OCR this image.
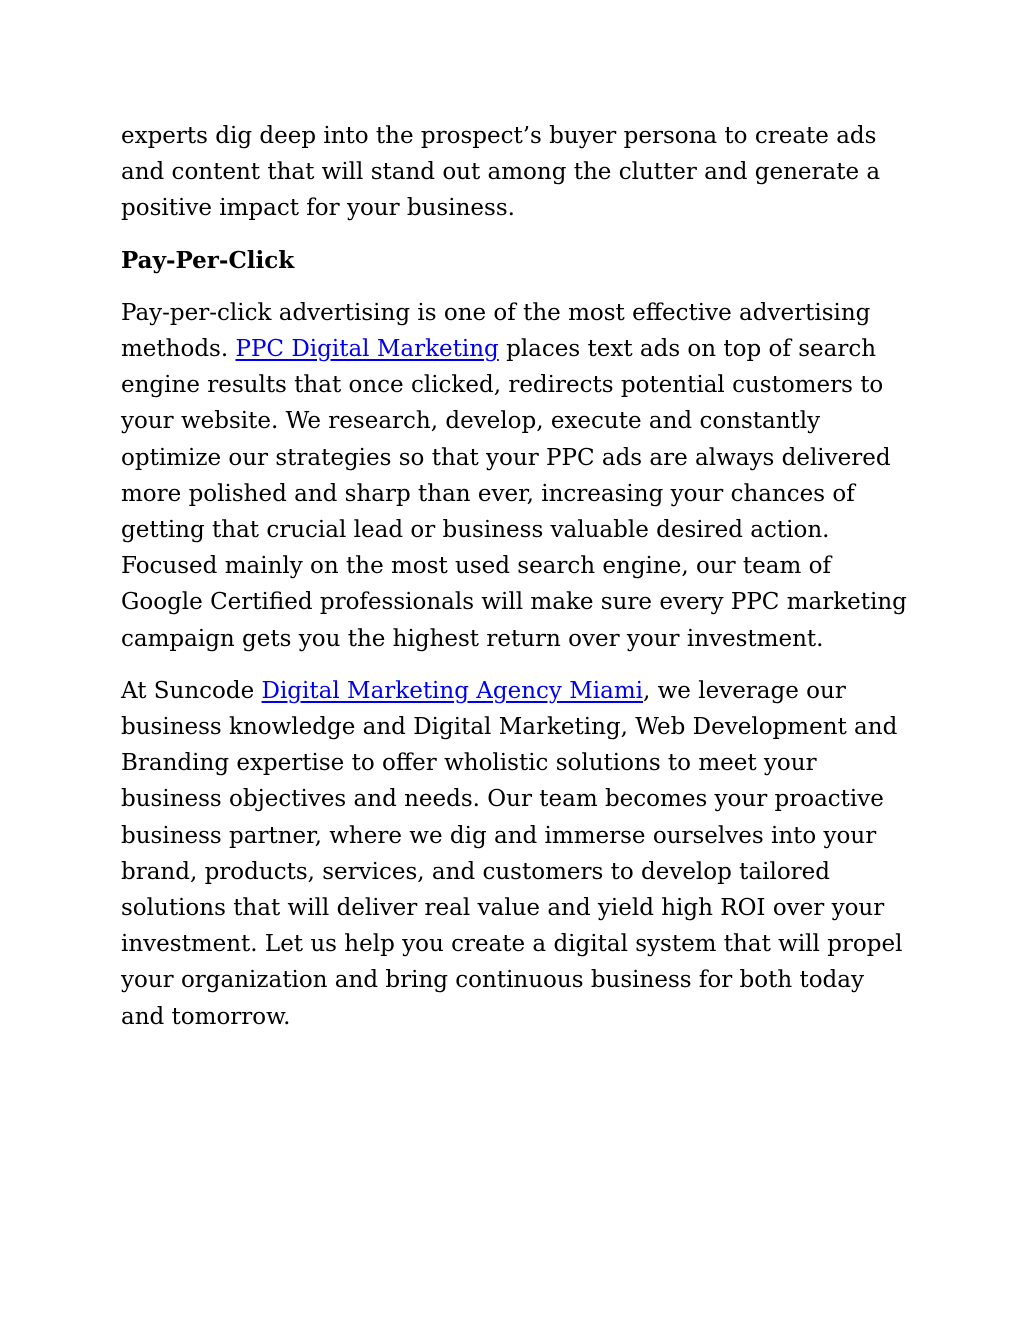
experts dig deep into the prospect’s buyer persona to create ads and content that will stand out among the clutter and generate a positive impact for your business.

Pay-Per-Click

Pay-per-click advertising is one of the most effective advertising methods. PPC Digital Marketing places text ads on top of search engine results that once clicked, redirects potential customers to your website. We research, develop, execute and constantly optimize our strategies so that your PPC ads are always delivered more polished and sharp than ever, increasing your chances of getting that crucial lead or business valuable desired action. Focused mainly on the most used search engine, our team of Google Certified professionals will make sure every PPC marketing campaign gets you the highest return over your investment.

At Suncode Digital Marketing Agency Miami, we leverage our business knowledge and Digital Marketing, Web Development and Branding expertise to offer wholistic solutions to meet your business objectives and needs. Our team becomes your proactive business partner, where we dig and immerse ourselves into your brand, products, services, and customers to develop tailored solutions that will deliver real value and yield high ROI over your investment. Let us help you create a digital system that will propel your organization and bring continuous business for both today and tomorrow.
